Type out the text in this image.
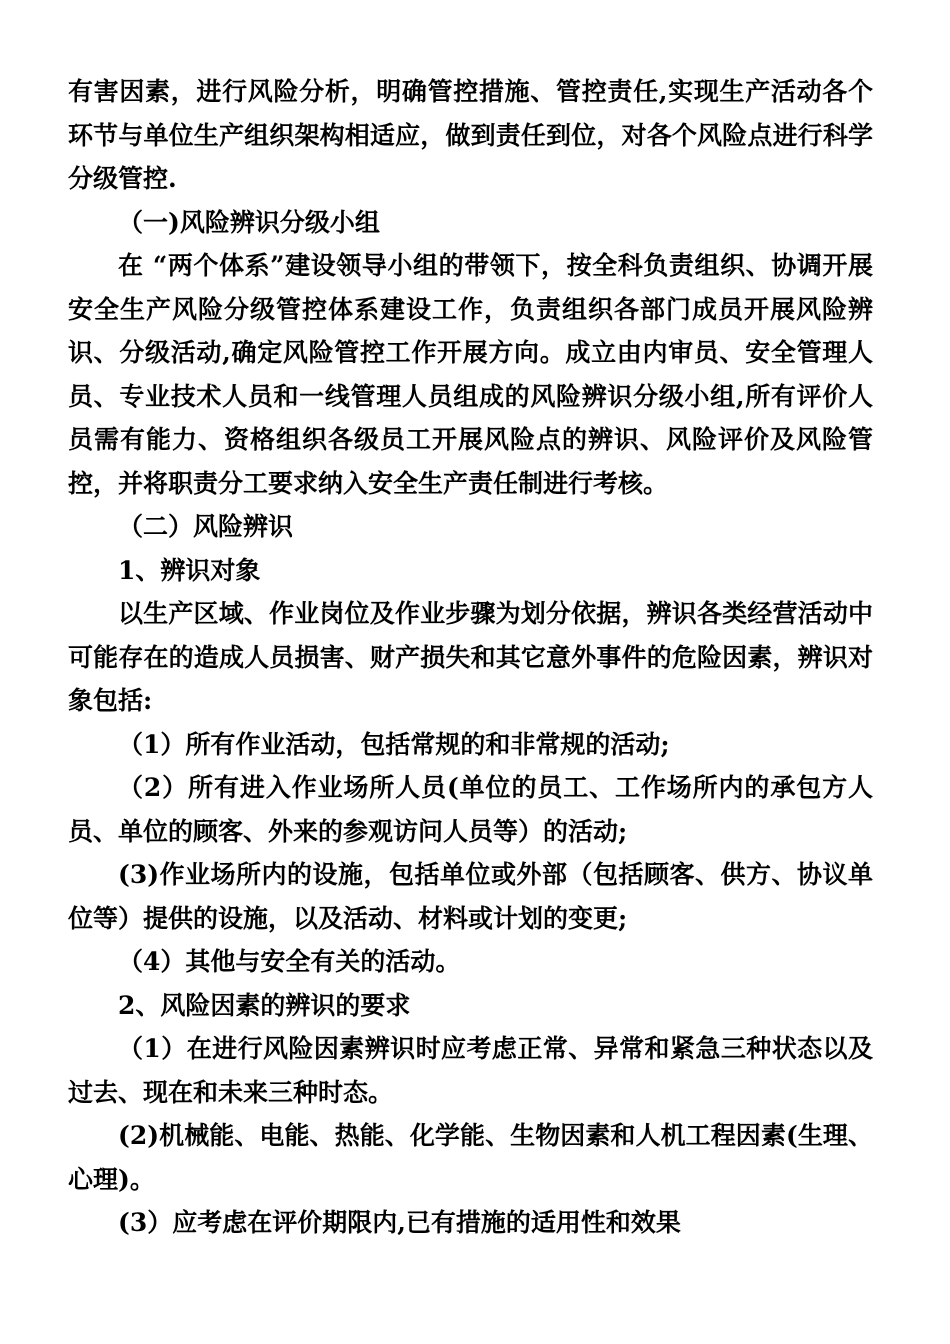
有害因素，进行风险分析，明确管控措施、管控责任,实现生产活动各个环节与单位生产组织架构相适应，做到责任到位，对各个风险点进行科学分级管控.

（一)风险辨识分级小组

在 “两个体系”建设领导小组的带领下，按全科负责组织、协调开展安全生产风险分级管控体系建设工作，负责组织各部门成员开展风险辨识、分级活动,确定风险管控工作开展方向。成立由内审员、安全管理人员、专业技术人员和一线管理人员组成的风险辨识分级小组,所有评价人员需有能力、资格组织各级员工开展风险点的辨识、风险评价及风险管控，并将职责分工要求纳入安全生产责任制进行考核。

（二）风险辨识

1、辨识对象

以生产区域、作业岗位及作业步骤为划分依据，辨识各类经营活动中可能存在的造成人员损害、财产损失和其它意外事件的危险因素，辨识对象包括:

（1）所有作业活动，包括常规的和非常规的活动;

（2）所有进入作业场所人员(单位的员工、工作场所内的承包方人员、单位的顾客、外来的参观访问人员等）的活动;

(3)作业场所内的设施，包括单位或外部（包括顾客、供方、协议单位等）提供的设施，以及活动、材料或计划的变更;

（4）其他与安全有关的活动。

2、风险因素的辨识的要求

（1）在进行风险因素辨识时应考虑正常、异常和紧急三种状态以及过去、现在和未来三种时态。

(2)机械能、电能、热能、化学能、生物因素和人机工程因素(生理、心理)。

(3）应考虑在评价期限内,已有措施的适用性和效果
